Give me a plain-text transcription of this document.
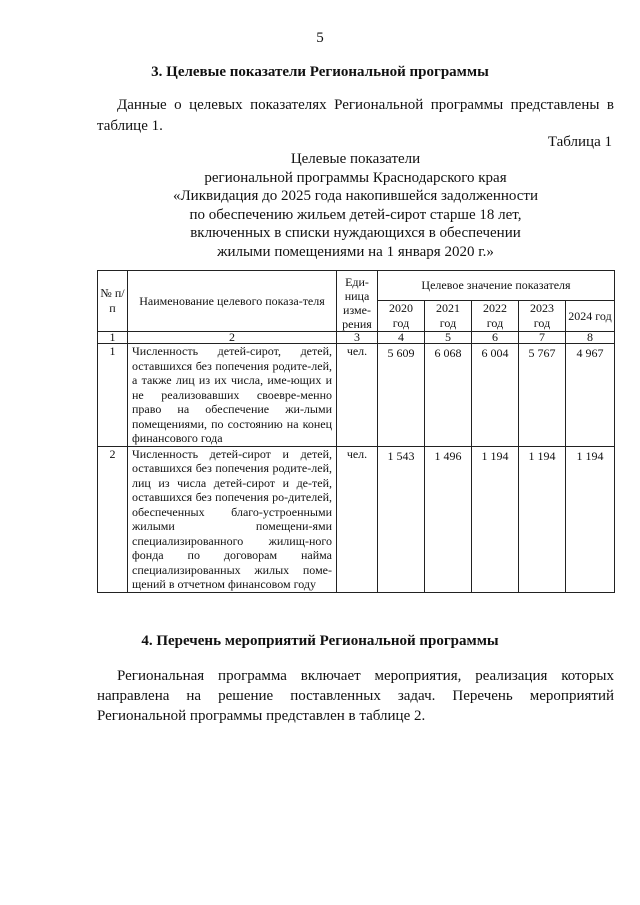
5
3. Целевые показатели Региональной программы
Данные о целевых показателях Региональной программы представлены в таблице 1.
Таблица 1
Целевые показатели
региональной программы Краснодарского края
«Ликвидация до 2025 года накопившейся задолженности
по обеспечению жильем детей-сирот старше 18 лет,
включенных в списки нуждающихся в обеспечении
жилыми помещениями на 1 января 2020 г.»
№ п/п	Наименование целевого показа-теля	Еди-ница изме-рения	Целевое значение показателя				
			2020 год	2021 год	2022 год	2023 год	2024 год
1	2	3	4	5	6	7	8
1	Численность детей-сирот, детей, оставшихся без попечения родите-лей, а также лиц из их числа, име-ющих и не реализовавших своевре-менно право на обеспечение жи-лыми помещениями, по состоянию на конец финансового года	чел.	5 609	6 068	6 004	5 767	4 967
2	Численность детей-сирот и детей, оставшихся без попечения родите-лей, лиц из числа детей-сирот и де-тей, оставшихся без попечения ро-дителей, обеспеченных благо-устроенными жилыми помещени-ями специализированного жилищ-ного фонда по договорам найма специализированных жилых поме-щений в отчетном финансовом году	чел.	1 543	1 496	1 194	1 194	1 194
4. Перечень мероприятий Региональной программы
Региональная программа включает мероприятия, реализация которых направлена на решение поставленных задач. Перечень мероприятий Региональной программы представлен в таблице 2.
